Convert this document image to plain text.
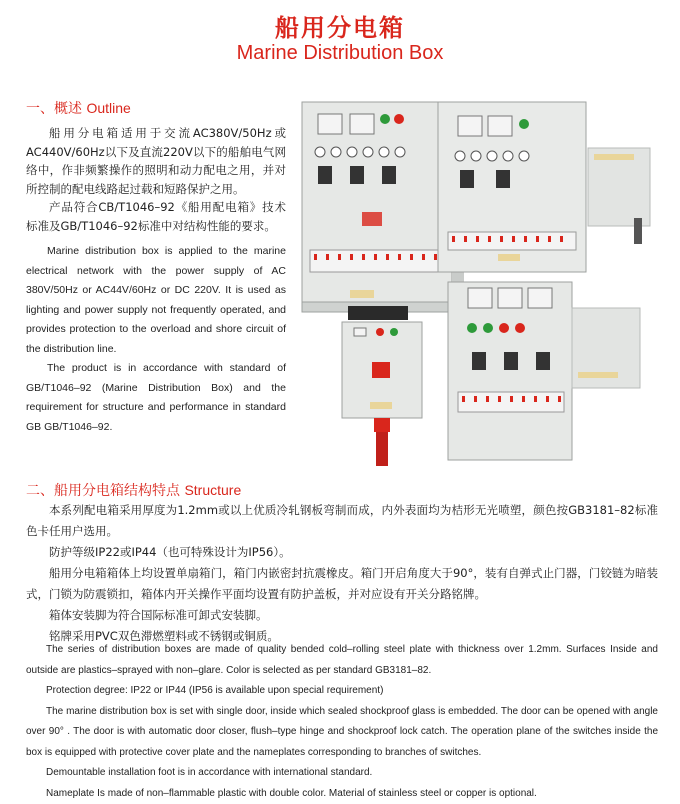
船用分电箱
Marine Distribution Box
一、概述 Outline

船用分电箱适用于交流AC380V/50Hz或AC440V/60Hz以下及直流220V以下的船舶电气网络中，作非频繁操作的照明和动力配电之用，并对所控制的配电线路起过载和短路保护之用。

产品符合CB/T1046–92《船用配电箱》技术标准及GB/T1046–92标准中对结构性能的要求。

Marine distribution box is applied to the marine electrical network with the power supply of AC 380V/50Hz or AC44V/60Hz or DC 220V. It is used as lighting and power supply not frequently operated, and provides protection to the overload and shore circuit of the distribution line.

The product is in accordance with standard of GB/T1046–92 (Marine Distribution Box) and the requirement for structure and performance in standard GB GB/T1046–92.

二、船用分电箱结构特点 Structure

本系列配电箱采用厚度为1.2mm或以上优质冷轧钢板弯制而成，内外表面均为桔形无光喷塑，颜色按GB3181–82标准色卡任用户选用。

防护等级IP22或IP44（也可特殊设计为IP56）。

船用分电箱箱体上均设置单扇箱门，箱门内嵌密封抗震橡皮。箱门开启角度大于90°，装有自弹式止门器，门铰链为暗装式，门锁为防震锁扣，箱体内开关操作平面均设置有防护盖板，并对应设有开关分路铭牌。

箱体安装脚为符合国际标准可卸式安装脚。

铭牌采用PVC双色滞燃塑料或不锈钢或铜质。

The series of distribution boxes are made of quality bended cold–rolling steel plate with thickness over 1.2mm. Surfaces Inside and outside are plastics–sprayed with non–glare. Color is selected as per standard GB3181–82.

Protection degree: IP22 or IP44 (IP56 is available upon special requirement)

The marine distribution box is set with single door, inside which sealed shockproof glass is embedded. The door can be opened with angle over 90° . The door is with automatic door closer, flush–type hinge and shockproof lock catch. The operation plane of the switches inside the box is equipped with protective cover plate and the nameplates corresponding to branches of switches.

Demountable installation foot is in accordance with international standard.

Nameplate Is made of non–flammable plastic with double color. Material of stainless steel or copper is optional.
